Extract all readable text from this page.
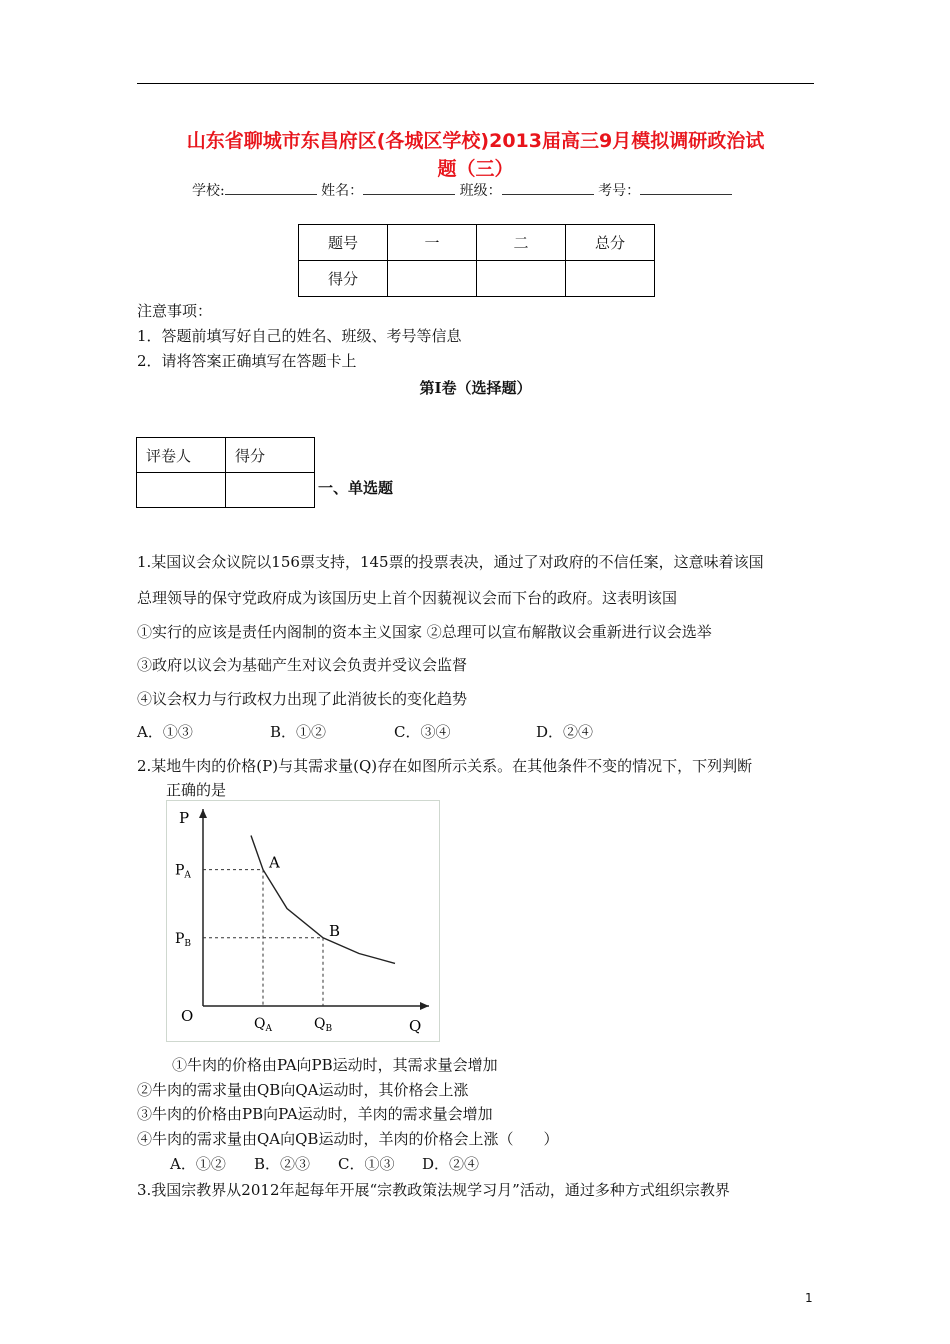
山东省聊城市东昌府区(各城区学校)2013届高三9月模拟调研政治试
题（三）
学校:	姓名：	班级：	考号：
题号	一	二	总分
得分			
注意事项：
1．答题前填写好自己的姓名、班级、考号等信息
2．请将答案正确填写在答题卡上
第I卷（选择题）
评卷人	得分

一、单选题
1.某国议会众议院以156票支持，145票的投票表决，通过了对政府的不信任案，这意味着该国
总理领导的保守党政府成为该国历史上首个因藐视议会而下台的政府。这表明该国
①实行的应该是责任内阁制的资本主义国家 ②总理可以宣布解散议会重新进行议会选举
③政府以议会为基础产生对议会负责并受议会监督
④议会权力与行政权力出现了此消彼长的变化趋势
A．①③	B．①②	C．③④	D．②④
2.某地牛肉的价格(P)与其需求量(Q)存在如图所示关系。在其他条件不变的情况下，下列判断
正确的是
P
Q
O
A
$P_A$
$Q_A$
B
$P_B$
$Q_B$
①牛肉的价格由PA向PB运动时，其需求量会增加
②牛肉的需求量由QB向QA运动时，其价格会上涨
③牛肉的价格由PB向PA运动时，羊肉的需求量会增加
④牛肉的需求量由QA向QB运动时，羊肉的价格会上涨（　　）
A．①② B．②③ C．①③ D．②④
3.我国宗教界从2012年起每年开展“宗教政策法规学习月”活动，通过多种方式组织宗教界
1
